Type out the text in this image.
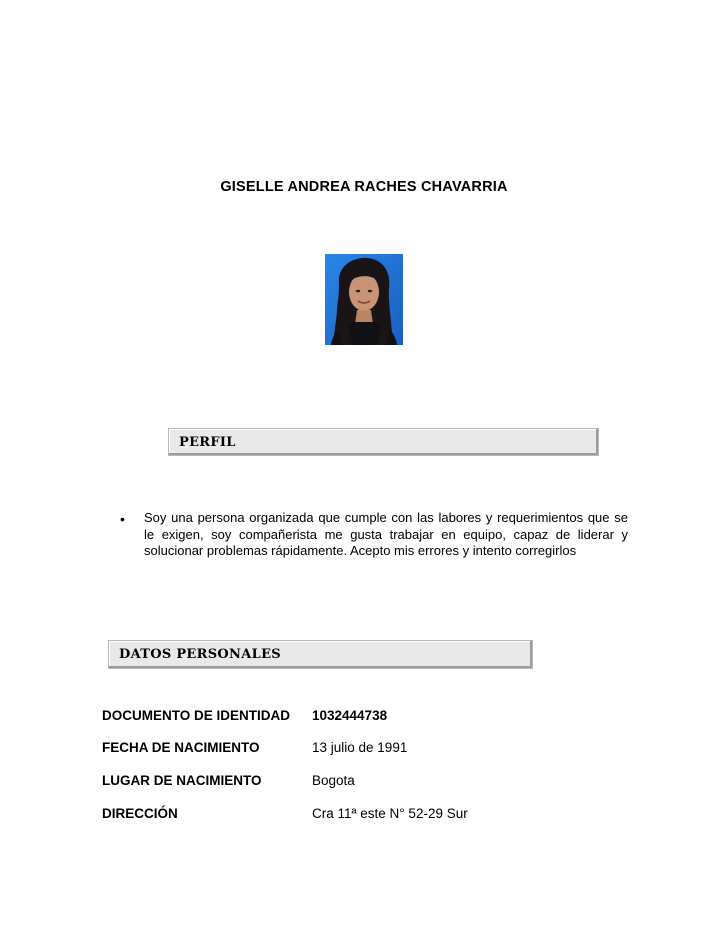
GISELLE ANDREA RACHES CHAVARRIA
PERFIL
• Soy una persona organizada que cumple con las labores y requerimientos que se le exigen, soy compañerista me gusta trabajar en equipo, capaz de liderar y solucionar problemas rápidamente. Acepto mis errores y intento corregirlos
DATOS PERSONALES
DOCUMENTO DE IDENTIDAD 1032444738
FECHA DE NACIMIENTO	13 julio de 1991
LUGAR DE NACIMIENTO	Bogota
DIRECCIÓN	Cra 11ª este N° 52-29 Sur
